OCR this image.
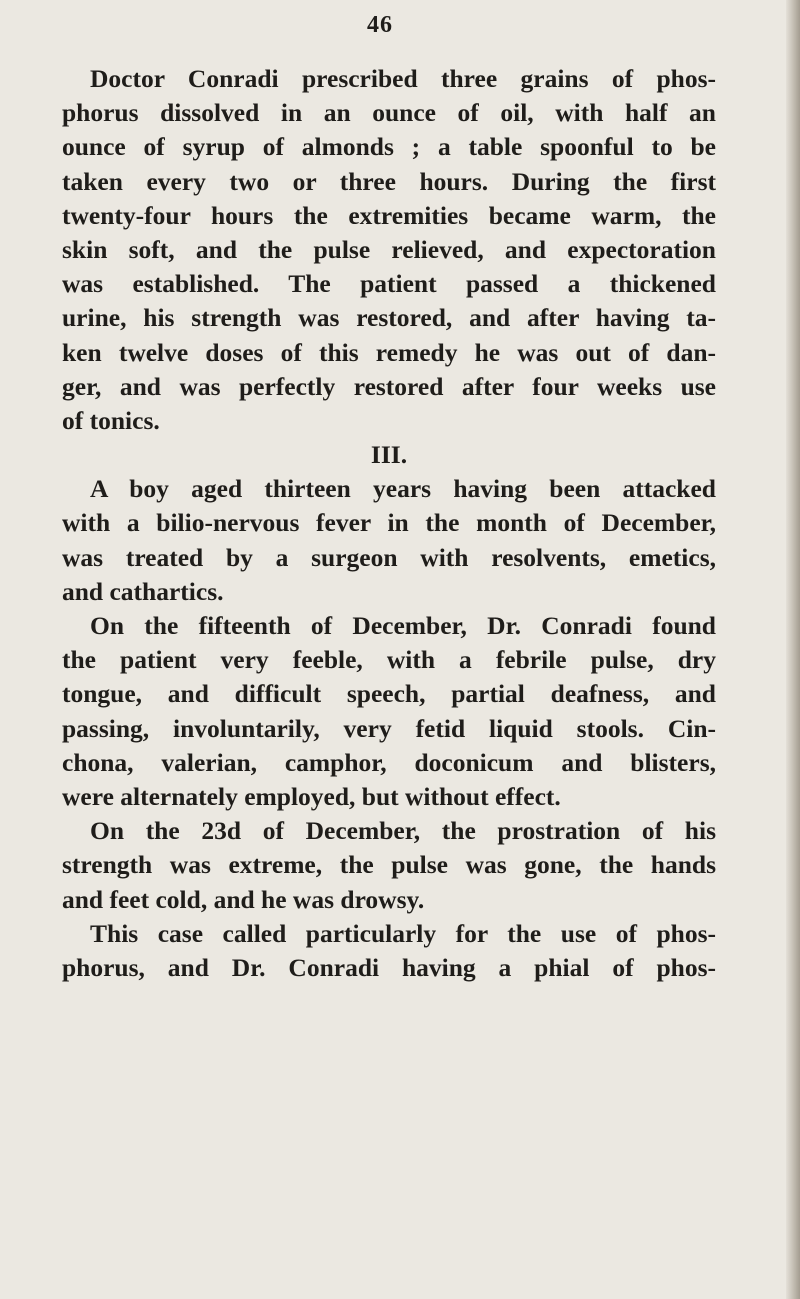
46
Doctor Conradi prescribed three grains of phos-
phorus dissolved in an ounce of oil, with half an
ounce of syrup of almonds ; a table spoonful to be
taken every two or three hours. During the first
twenty-four hours the extremities became warm, the
skin soft, and the pulse relieved, and expectoration
was established. The patient passed a thickened
urine, his strength was restored, and after having ta-
ken twelve doses of this remedy he was out of dan-
ger, and was perfectly restored after four weeks use
of tonics.
III.
A boy aged thirteen years having been attacked
with a bilio-nervous fever in the month of December,
was treated by a surgeon with resolvents, emetics,
and cathartics.
On the fifteenth of December, Dr. Conradi found
the patient very feeble, with a febrile pulse, dry
tongue, and difficult speech, partial deafness, and
passing, involuntarily, very fetid liquid stools. Cin-
chona, valerian, camphor, doconicum and blisters,
were alternately employed, but without effect.
On the 23d of December, the prostration of his
strength was extreme, the pulse was gone, the hands
and feet cold, and he was drowsy.
This case called particularly for the use of phos-
phorus, and Dr. Conradi having a phial of phos-
